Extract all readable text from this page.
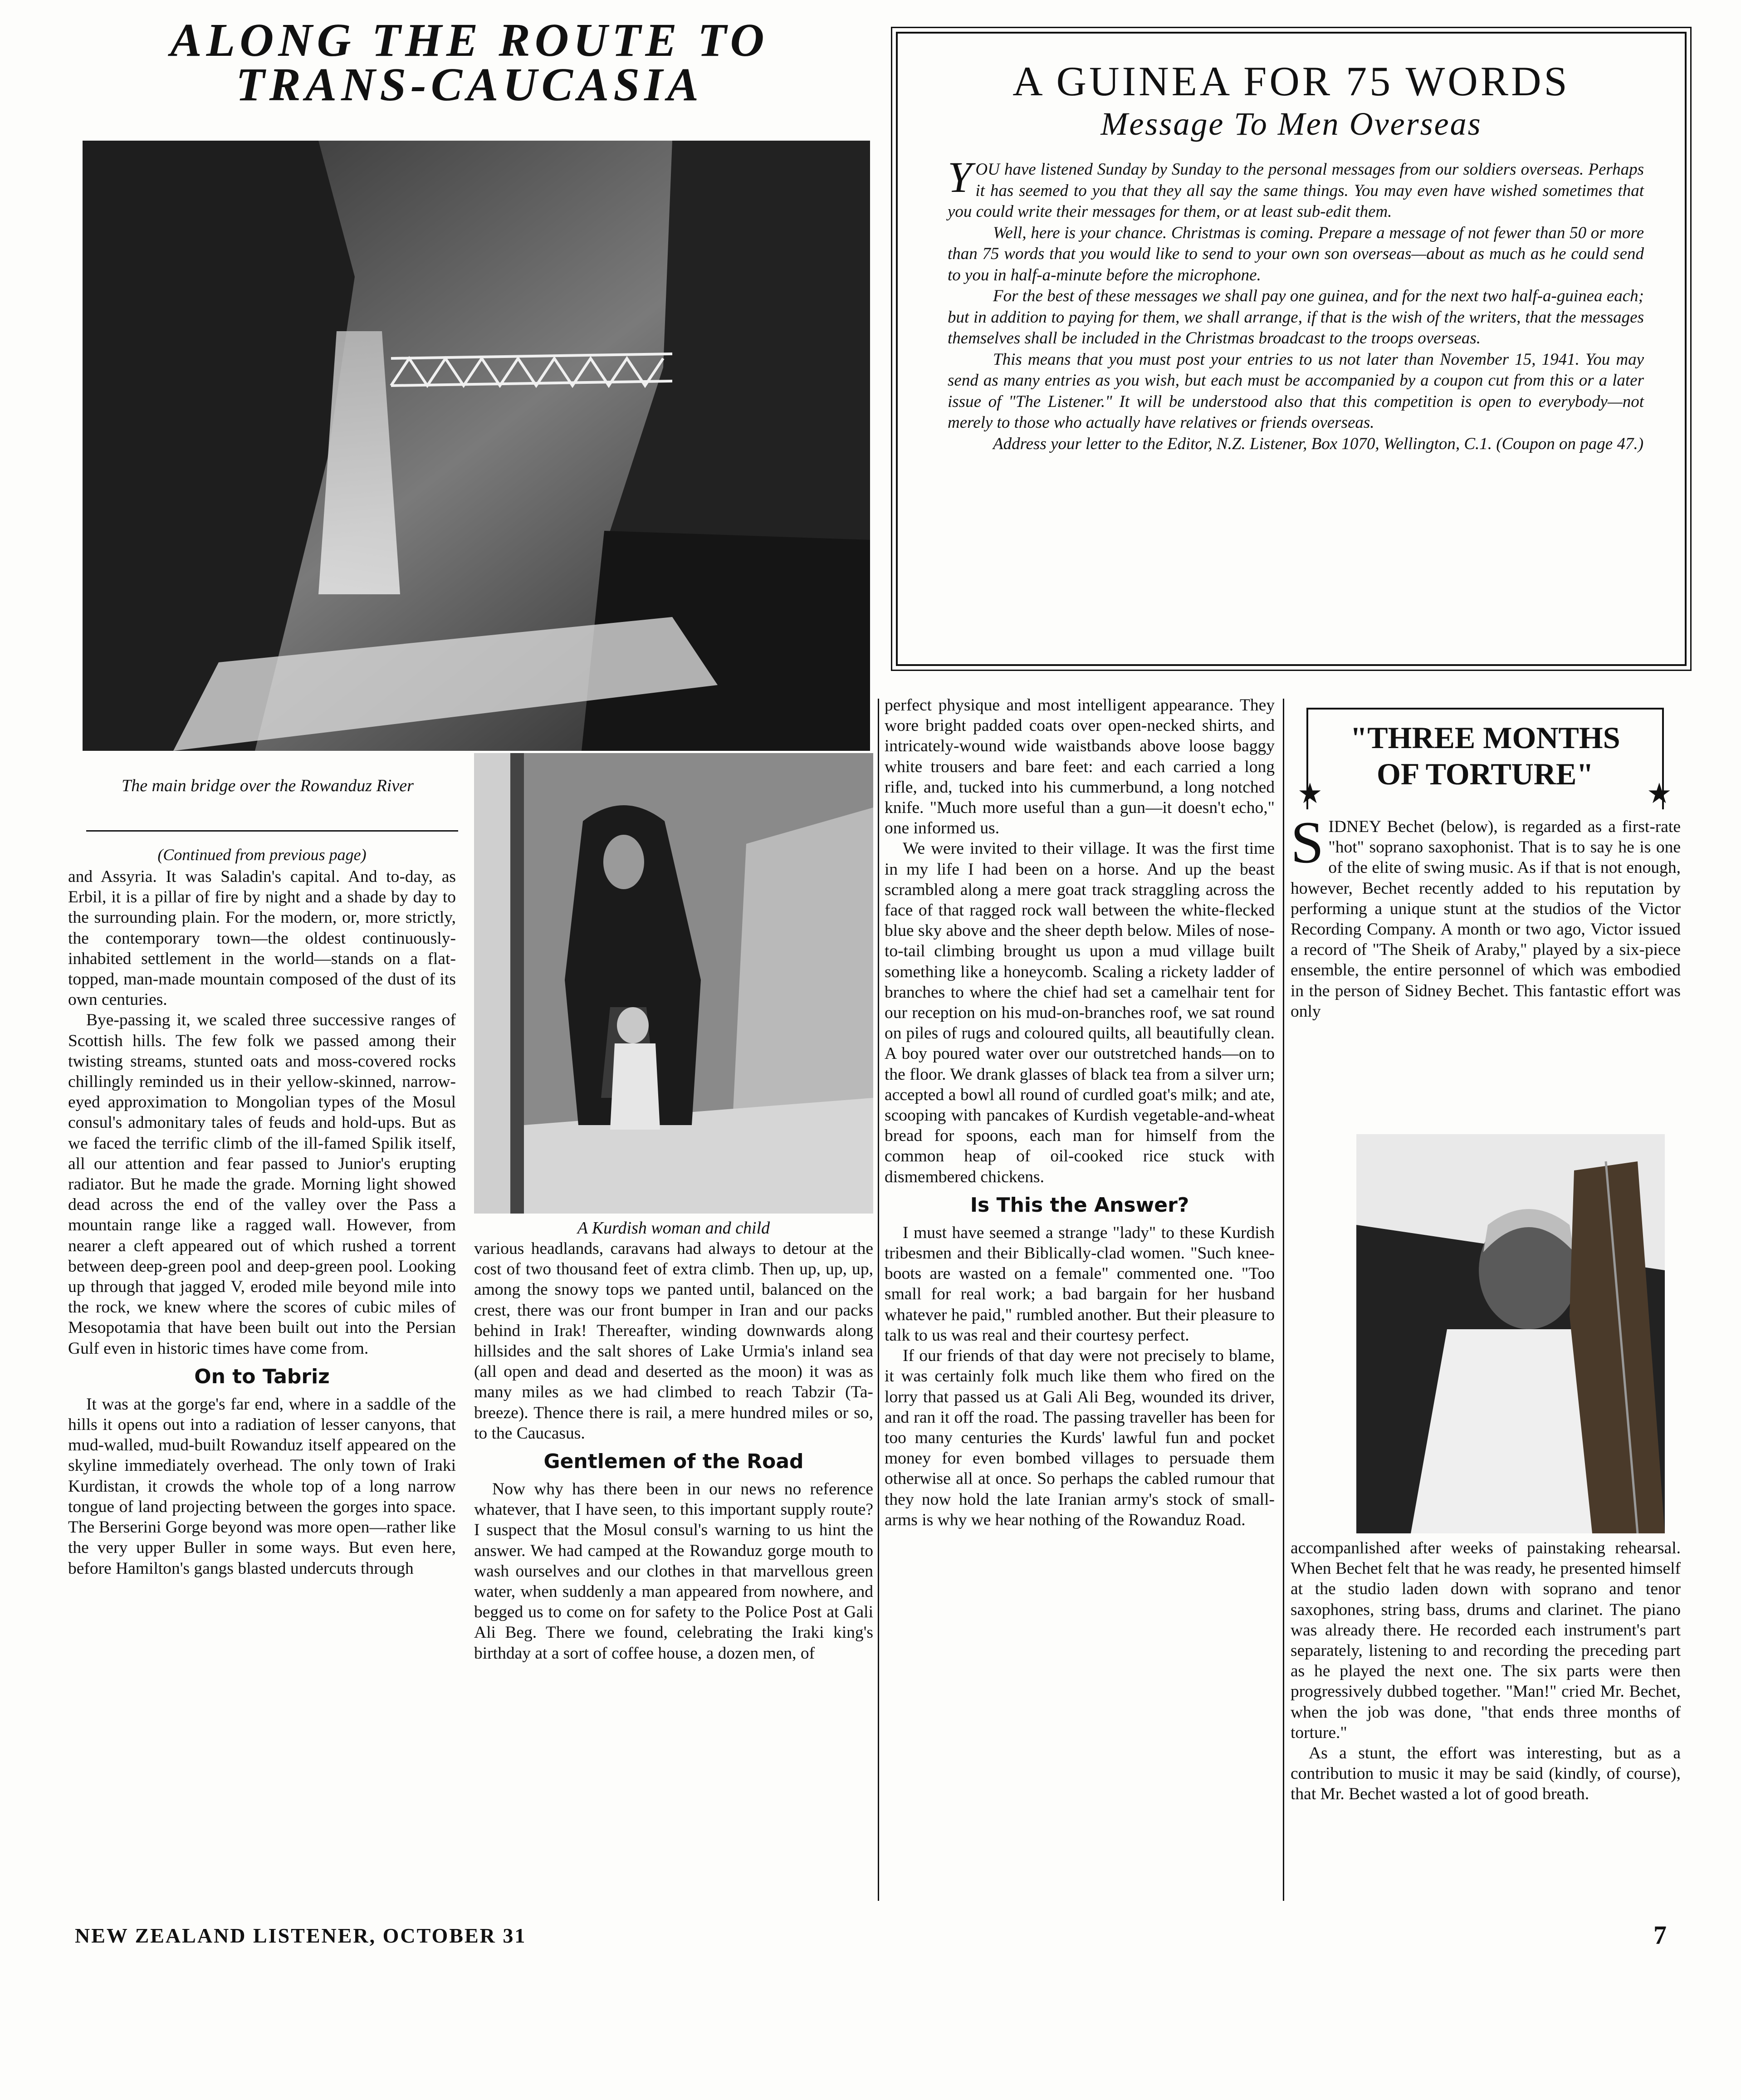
ALONG THE ROUTE TO
TRANS-CAUCASIA
The main bridge over the Rowanduz River
A Kurdish woman and child
(Continued from previous page)

and Assyria. It was Saladin's capital. And to-day, as Erbil, it is a pillar of fire by night and a shade by day to the surrounding plain. For the modern, or, more strictly, the contemporary town—the oldest continuously-inhabited settlement in the world—stands on a flat-topped, man-made mountain composed of the dust of its own centuries.

Bye-passing it, we scaled three successive ranges of Scottish hills. The few folk we passed among their twisting streams, stunted oats and moss-covered rocks chillingly reminded us in their yellow-skinned, narrow-eyed approximation to Mongolian types of the Mosul consul's admonitary tales of feuds and hold-ups. But as we faced the terrific climb of the ill-famed Spilik itself, all our attention and fear passed to Junior's erupting radiator. But he made the grade. Morning light showed dead across the end of the valley over the Pass a mountain range like a ragged wall. However, from nearer a cleft appeared out of which rushed a torrent between deep-green pool and deep-green pool. Looking up through that jagged V, eroded mile beyond mile into the rock, we knew where the scores of cubic miles of Mesopotamia that have been built out into the Persian Gulf even in historic times have come from.

On to Tabriz

It was at the gorge's far end, where in a saddle of the hills it opens out into a radiation of lesser canyons, that mud-walled, mud-built Rowanduz itself appeared on the skyline immediately overhead. The only town of Iraki Kurdistan, it crowds the whole top of a long narrow tongue of land projecting between the gorges into space. The Berserini Gorge beyond was more open—rather like the very upper Buller in some ways. But even here, before Hamilton's gangs blasted undercuts through

various headlands, caravans had always to detour at the cost of two thousand feet of extra climb. Then up, up, up, among the snowy tops we panted until, balanced on the crest, there was our front bumper in Iran and our packs behind in Irak! Thereafter, winding downwards along hillsides and the salt shores of Lake Urmia's inland sea (all open and dead and deserted as the moon) it was as many miles as we had climbed to reach Tabzir (Ta-breeze). Thence there is rail, a mere hundred miles or so, to the Caucasus.

Gentlemen of the Road

Now why has there been in our news no reference whatever, that I have seen, to this important supply route? I suspect that the Mosul consul's warning to us hint the answer. We had camped at the Rowanduz gorge mouth to wash ourselves and our clothes in that marvellous green water, when suddenly a man appeared from nowhere, and begged us to come on for safety to the Police Post at Gali Ali Beg. There we found, celebrating the Iraki king's birthday at a sort of coffee house, a dozen men, of

A GUINEA FOR 75 WORDS
Message To Men Overseas

YOU have listened Sunday by Sunday to the personal messages from our soldiers overseas. Perhaps it has seemed to you that they all say the same things. You may even have wished sometimes that you could write their messages for them, or at least sub-edit them.

Well, here is your chance. Christmas is coming. Prepare a message of not fewer than 50 or more than 75 words that you would like to send to your own son overseas—about as much as he could send to you in half-a-minute before the microphone.

For the best of these messages we shall pay one guinea, and for the next two half-a-guinea each; but in addition to paying for them, we shall arrange, if that is the wish of the writers, that the messages themselves shall be included in the Christmas broadcast to the troops overseas.

This means that you must post your entries to us not later than November 15, 1941. You may send as many entries as you wish, but each must be accompanied by a coupon cut from this or a later issue of "The Listener." It will be understood also that this competition is open to everybody—not merely to those who actually have relatives or friends overseas.

Address your letter to the Editor, N.Z. Listener, Box 1070, Wellington, C.1. (Coupon on page 47.)

perfect physique and most intelligent appearance. They wore bright padded coats over open-necked shirts, and intricately-wound wide waistbands above loose baggy white trousers and bare feet: and each carried a long rifle, and, tucked into his cummerbund, a long notched knife. "Much more useful than a gun—it doesn't echo," one informed us.

We were invited to their village. It was the first time in my life I had been on a horse. And up the beast scrambled along a mere goat track straggling across the face of that ragged rock wall between the white-flecked blue sky above and the sheer depth below. Miles of nose-to-tail climbing brought us upon a mud village built something like a honeycomb. Scaling a rickety ladder of branches to where the chief had set a camelhair tent for our reception on his mud-on-branches roof, we sat round on piles of rugs and coloured quilts, all beautifully clean. A boy poured water over our outstretched hands—on to the floor. We drank glasses of black tea from a silver urn; accepted a bowl all round of curdled goat's milk; and ate, scooping with pancakes of Kurdish vegetable-and-wheat bread for spoons, each man for himself from the common heap of oil-cooked rice stuck with dismembered chickens.

Is This the Answer?

I must have seemed a strange "lady" to these Kurdish tribesmen and their Biblically-clad women. "Such knee-boots are wasted on a female" commented one. "Too small for real work; a bad bargain for her husband whatever he paid," rumbled another. But their pleasure to talk to us was real and their courtesy perfect.

If our friends of that day were not precisely to blame, it was certainly folk much like them who fired on the lorry that passed us at Gali Ali Beg, wounded its driver, and ran it off the road. The passing traveller has been for too many centuries the Kurds' lawful fun and pocket money for even bombed villages to persuade them otherwise all at once. So perhaps the cabled rumour that they now hold the late Iranian army's stock of small-arms is why we hear nothing of the Rowanduz Road.

"THREE MONTHS
OF TORTURE"
★	★

SIDNEY Bechet (below), is regarded as a first-rate "hot" soprano saxophonist. That is to say he is one of the elite of swing music. As if that is not enough, however, Bechet recently added to his reputation by performing a unique stunt at the studios of the Victor Recording Company. A month or two ago, Victor issued a record of "The Sheik of Araby," played by a six-piece ensemble, the entire personnel of which was embodied in the person of Sidney Bechet. This fantastic effort was only

accompanlished after weeks of painstaking rehearsal. When Bechet felt that he was ready, he presented himself at the studio laden down with soprano and tenor saxophones, string bass, drums and clarinet. The piano was already there. He recorded each instrument's part separately, listening to and recording the preceding part as he played the next one. The six parts were then progressively dubbed together. "Man!" cried Mr. Bechet, when the job was done, "that ends three months of torture."

As a stunt, the effort was interesting, but as a contribution to music it may be said (kindly, of course), that Mr. Bechet wasted a lot of good breath.

NEW ZEALAND LISTENER, OCTOBER 31	7
